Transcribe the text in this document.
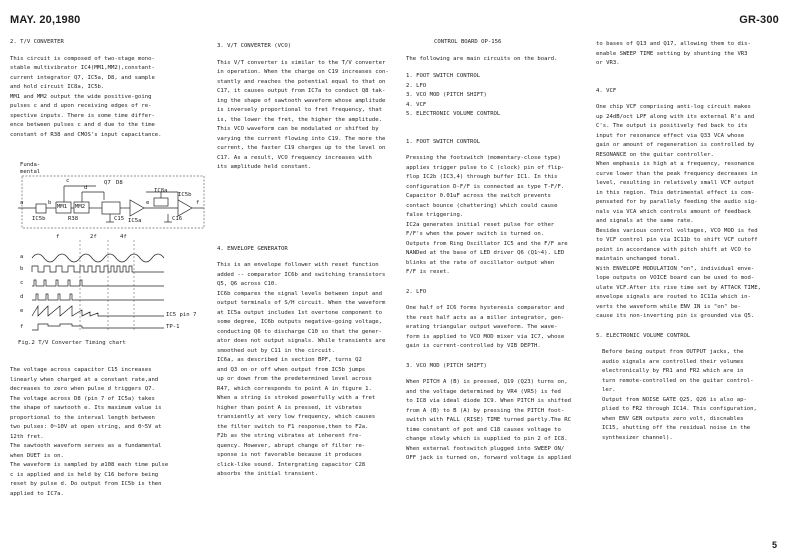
MAY. 20,1980	GR-300
2. T/V CONVERTER
This circuit is composed of two-stage mono-
stable multivibrator IC4(MM1,MM2),constant-
current integrator Q7, IC5a, D8, and sample
and hold circuit IC8a, IC5b.
MM1 and MM2 output the wide positive-going
pulses c and d upon receiving edges of re-
spective inputs. There is some time differ-
ence between pulses c and d due to the time
constant of R38 and CMOS's input capacitance.
Funda-
mental
a	b
c
d
Q7 D8
C15
IC8a
IC5a
IC5b
C16
f
MM1 MM2
IC5b	R38
e
f	2f	4f
a
b
c
d
e
f
IC5 pin 7
TP-1
Fig.2 T/V Converter Timing chart
The voltage across capacitor C15 increases
linearly when charged at a constant rate,and
decreases to zero when pulse d triggers Q7.
The voltage across D8 (pin 7 of IC5a) takes
the shape of sawtooth e. Its maximum value is
proportional to the interval length between
two pulses: 0~10V at open string, and 0~5V at
12th fret.
The sawtooth waveform serves as a fundamental
when DUET is on.
The waveform is sampled by ø108 each time pulse
c is applied and is held by C16 before being
reset by pulse d. Do output from IC5b is then
applied to IC7a.
3. V/T CONVERTER (VCO)
This V/T converter is similar to the T/V converter
in operation. When the charge on C19 increases con-
stantly and reaches the potential equal to that on
C17, it causes output from IC7a to conduct Q8 tak-
ing the shape of sawtooth waveform whose amplitude
is inversely proportional to fret frequency, that
is, the lower the fret, the higher the amplitude.
This VCO waveform can be modulated or shifted by
varying the current flowing into C19. The more the
current, the faster C19 charges up to the level on
C17. As a result, VCO frequency increases with
its amplitude held constant.
4. ENVELOPE GENERATOR
This is an envelope follower with reset function
added -- comparator IC6b and switching transistors
Q5, Q6 across C10.
IC6b compares the signal levels between input and
output terminals of S/H circuit. When the waveform
at IC5a output includes 1st overtone component to
some degree, IC6b outputs negative-going voltage,
conducting Q6 to discharge C10 so that the gener-
ator does not output signals. While transients are
smoothed out by C11 in the circuit.
IC6a, as described in section BPF, turns Q2
and Q3 on or off when output from IC5b jumps
up or down from the predetermined level across
R47, which corresponds to point A in figure 1.
When a string is stroked powerfully with a fret
higher than point A is pressed, it vibrates
transiently at very low frequency, which causes
the filter switch to F1 response,then to F2a.
F2b as the string vibrates at inherent fre-
quency. However, abrupt change of filter re-
sponse is not favorable because it produces
click-like sound. Intergrating capacitor C28
absorbs the initial transient.
CONTROL BOARD OP-156
The following are main circuits on the board.
1. FOOT SWITCH CONTROL
2. LFO
3. VCO MOD (PITCH SHIFT)
4. VCF
5. ELECTRONIC VOLUME CONTROL
1. FOOT SWITCH CONTROL
Pressing the footswitch (momentary-close type)
applies trigger pulse to C (clock) pin of flip-
flop IC2b (IC3,4) through buffer IC1. In this
configuration D-F/F is connected as type T-F/F.
Capacitor 0.01uF across the switch prevents
contact bounce (chattering) which could cause
false triggering.
IC2a generates initial reset pulse for other
F/F's when the power switch is turned on.
Outputs from Ring Oscillator IC5 and the F/F are
NANDed at the base of LED driver Q6 (Q1~4). LED
blinks at the rate of oscillator output when
F/F is reset.
2. LFO
One half of IC6 forms hysteresis comparator and
the rest half acts as a miller integrator, gen-
erating triangular output waveform. The wave-
form is applied to VCO MOD mixer via IC7, whose
gain is current-controlled by VIB DEPTH.
3. VCO MOD (PITCH SHIFT)
When PITCH A (B) is pressed, Q19 (Q23) turns on,
and the voltage determined by VR4 (VR5) is fed
to IC8 via ideal diode IC9. When PITCH is shifted
from A (B) to B (A) by pressing the PITCH foot-
switch with FALL (RISE) TIME turned partly.The RC
time constant of pot and C18 causes voltage to
change slowly which is supplied to pin 2 of IC8.
When external footswitch plugged into SWEEP ON/
OFF jack is turned on, forward voltage is applied
to bases of Q13 and Q17, allowing them to dis-
enable SWEEP TIME setting by shunting the VR3
or VR3.
4. VCF
One chip VCF comprising anti-log circuit makes
up 24dB/oct LPF along with its external R's and
C's. The output is positively fed back to its
input for resonance effect via Q33 VCA whose
gain or amount of regeneration is controlled by
RESONANCE on the guitar controller.
When emphasis is high at a frequency, resonance
curve lower than the peak frequency decreases in
level, resulting in relatively small VCF output
in this region. This detrimental effect is com-
pensated for by parallely feeding the audio sig-
nals via VCA which controls amount of feedback
and signals at the same rate.
Besides various control voltages, VCO MOD is fed
to VCF control pin via IC11b to shift VCF cutoff
point in accordance with pitch shift at VCO to
maintain unchanged tonal.
With ENVELOPE MODULATION "on", individual enve-
lope outputs on VOICE board can be used to mod-
ulate VCF.After its rise time set by ATTACK TIME,
envelope signals are routed to IC11a which in-
verts the waveform while ENV IN is "on" be-
cause its non-inverting pin is grounded via Q5.
5. ELECTRONIC VOLUME CONTROL
Before being output from OUTPUT jacks, the
audio signals are controlled their volumes
electronically by FR1 and FR2 which are in
turn remote-controlled on the guitar control-
ler.
Output from NOISE GATE Q25, Q26 is also ap-
plied to FR2 through IC14. This configuration,
when ENV GEN outputs zero volt, discnables
IC15, shutting off the residual noise in the
synthesizer channel).
5
